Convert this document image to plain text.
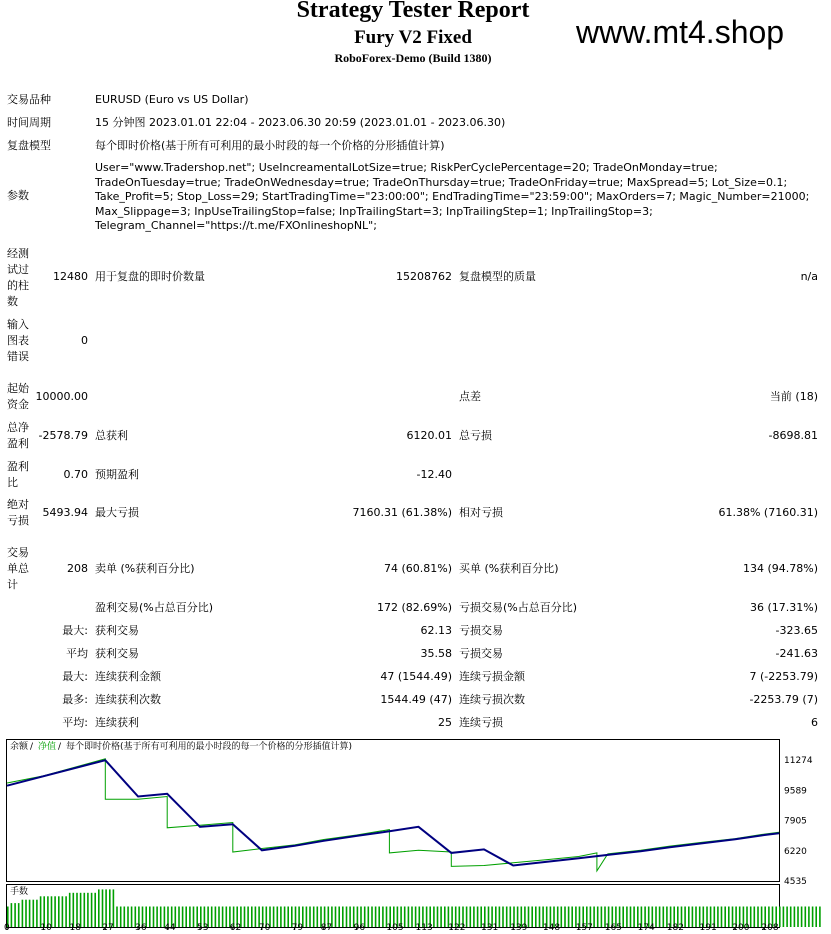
Strategy Tester Report
Fury V2 Fixed
RoboForex-Demo (Build 1380)
www.mt4.shop
交易品种	EURUSD (Euro vs US Dollar)
时间周期	15 分钟图 2023.01.01 22:04 - 2023.06.30 20:59 (2023.01.01 - 2023.06.30)
复盘模型	每个即时价格(基于所有可利用的最小时段的每一个价格的分形插值计算)
参数
User="www.Tradershop.net"; UseIncreamentalLotSize=true; RiskPerCyclePercentage=20; TradeOnMonday=true; TradeOnTuesday=true; TradeOnWednesday=true; TradeOnThursday=true; TradeOnFriday=true; MaxSpread=5; Lot_Size=0.1; Take_Profit=5; Stop_Loss=29; StartTradingTime="23:00:00"; EndTradingTime="23:59:00"; MaxOrders=7; Magic_Number=21000; Max_Slippage=3; InpUseTrailingStop=false; InpTrailingStart=3; InpTrailingStep=1; InpTrailingStop=3; Telegram_Channel="https://t.me/FXOnlineshopNL";
经测试过的柱数
12480 用于复盘的即时价数量	15208762 复盘模型的质量	n/a
输入图表错误
0
起始资金
10000.00	点差	当前 (18)
总净盈利
-2578.79 总获利	6120.01 总亏损	-8698.81
盈利比
0.70 预期盈利	-12.40
绝对亏损
5493.94 最大亏损	7160.31 (61.38%) 相对亏损	61.38% (7160.31)
交易单总计
208 卖单 (%获利百分比)	74 (60.81%) 买单 (%获利百分比)	134 (94.78%)
盈利交易(%占总百分比)	172 (82.69%) 亏损交易(%占总百分比)	36 (17.31%)
最大: 获利交易	62.13 亏损交易	-323.65
平均 获利交易	35.58 亏损交易	-241.63
最大: 连续获利金额	47 (1544.49) 连续亏损金额	7 (-2253.79)
最多: 连续获利次数	1544.49 (47) 连续亏损次数	-2253.79 (7)
平均: 连续获利	25 连续亏损	6
余额 / 净值 / 每个即时价格(基于所有可利用的最小时段的每一个价格的分形插值计算)
手数
11274
9589
7905
6220
4535
0	10 18 27 36 44 53 62 70 79 87 96 105 113 122 131 139 148 157 165 174 182 191 200 208
